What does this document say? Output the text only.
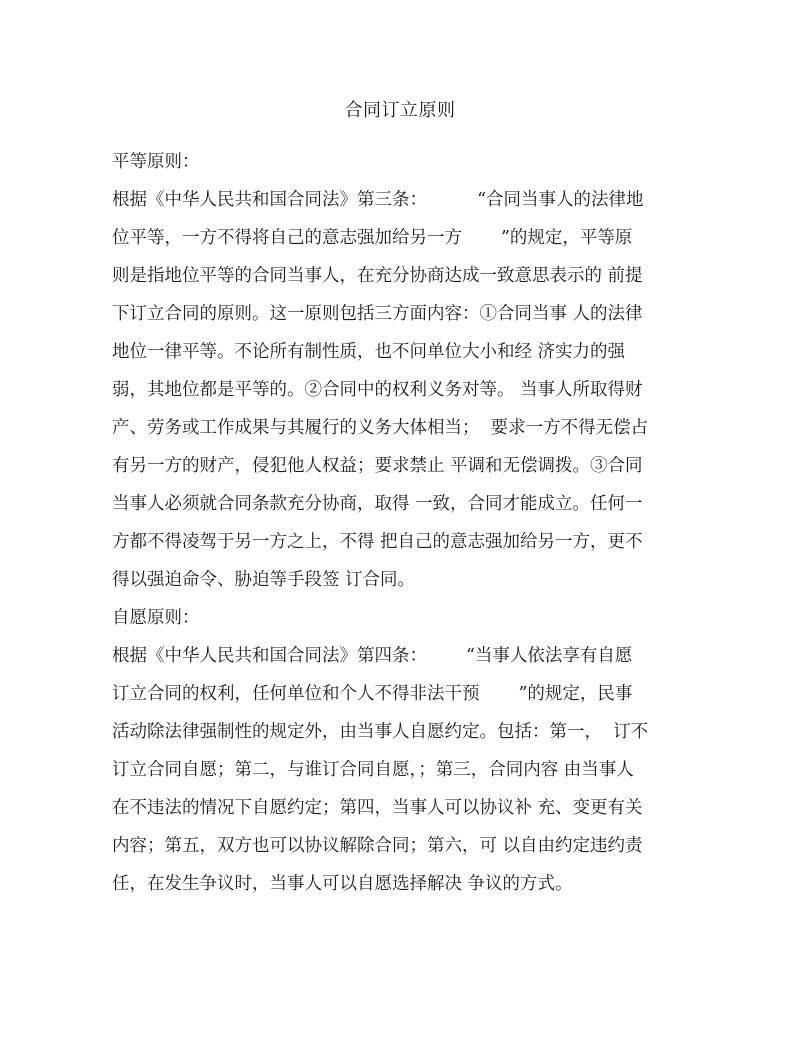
合同订立原则
平等原则：
根据《中华人民共和国合同法》第三条：         “合同当事人的法律地
位平等，一方不得将自己的意志强加给另一方       ”的规定，平等原
则是指地位平等的合同当事人，在充分协商达成一致意思表示的 前提
下订立合同的原则。这一原则包括三方面内容：①合同当事 人的法律
地位一律平等。不论所有制性质，也不问单位大小和经 济实力的强
弱，其地位都是平等的。②合同中的权利义务对等。 当事人所取得财
产、劳务或工作成果与其履行的义务大体相当；  要求一方不得无偿占
有另一方的财产，侵犯他人权益；要求禁止 平调和无偿调拨。③合同
当事人必须就合同条款充分协商，取得 一致，合同才能成立。任何一
方都不得凌驾于另一方之上，不得 把自己的意志强加给另一方，更不
得以强迫命令、胁迫等手段签 订合同。
自愿原则：
根据《中华人民共和国合同法》第四条：       “当事人依法享有自愿
订立合同的权利，任何单位和个人不得非法干预       ”的规定，民事
活动除法律强制性的规定外，由当事人自愿约定。包括：第一，  订不
订立合同自愿；第二，与谁订合同自愿，；第三，合同内容 由当事人
在不违法的情况下自愿约定；第四，当事人可以协议补 充、变更有关
内容；第五，双方也可以协议解除合同；第六，可 以自由约定违约责
任，在发生争议时，当事人可以自愿选择解决 争议的方式。
